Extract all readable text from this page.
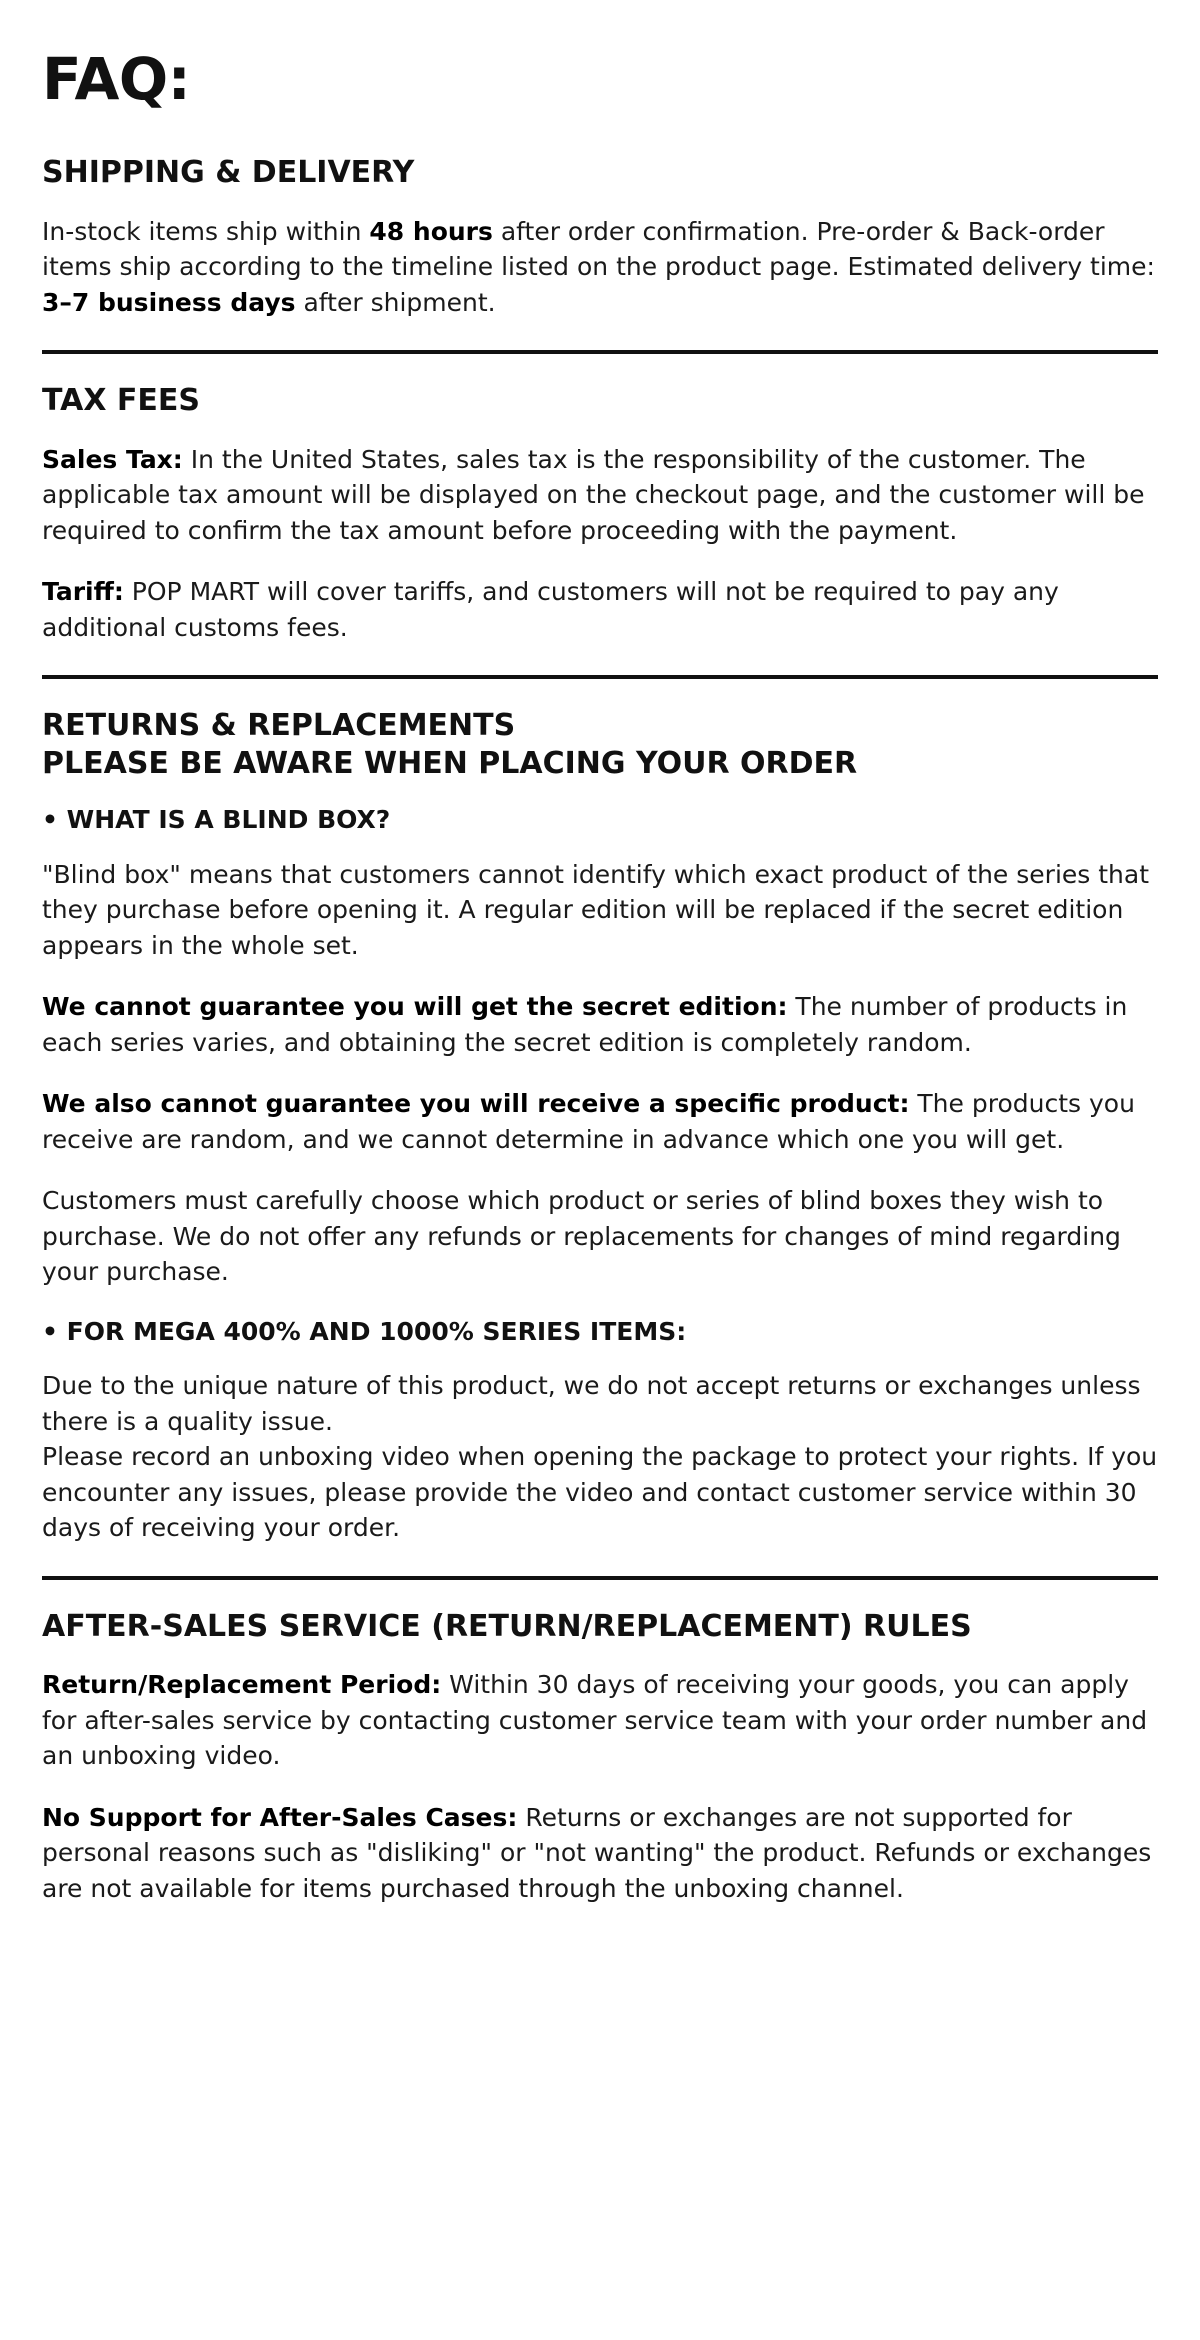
FAQ:
SHIPPING & DELIVERY

In-stock items ship within 48 hours after order confirmation. Pre-order & Back-order items ship according to the timeline listed on the product page. Estimated delivery time: 3–7 business days after shipment.

TAX FEES

Sales Tax: In the United States, sales tax is the responsibility of the customer. The applicable tax amount will be displayed on the checkout page, and the customer will be required to confirm the tax amount before proceeding with the payment.

Tariff: POP MART will cover tariffs, and customers will not be required to pay any additional customs fees.

RETURNS & REPLACEMENTS
PLEASE BE AWARE WHEN PLACING YOUR ORDER
• WHAT IS A BLIND BOX?

"Blind box" means that customers cannot identify which exact product of the series that they purchase before opening it. A regular edition will be replaced if the secret edition appears in the whole set.

We cannot guarantee you will get the secret edition: The number of products in each series varies, and obtaining the secret edition is completely random.

We also cannot guarantee you will receive a specific product: The products you receive are random, and we cannot determine in advance which one you will get.

Customers must carefully choose which product or series of blind boxes they wish to purchase. We do not offer any refunds or replacements for changes of mind regarding your purchase.

• FOR MEGA 400% AND 1000% SERIES ITEMS:

Due to the unique nature of this product, we do not accept returns or exchanges unless there is a quality issue.

Please record an unboxing video when opening the package to protect your rights. If you encounter any issues, please provide the video and contact customer service within 30 days of receiving your order.

AFTER-SALES SERVICE (RETURN/REPLACEMENT) RULES

Return/Replacement Period: Within 30 days of receiving your goods, you can apply for after-sales service by contacting customer service team with your order number and an unboxing video.

No Support for After-Sales Cases: Returns or exchanges are not supported for personal reasons such as "disliking" or "not wanting" the product. Refunds or exchanges are not available for items purchased through the unboxing channel.
